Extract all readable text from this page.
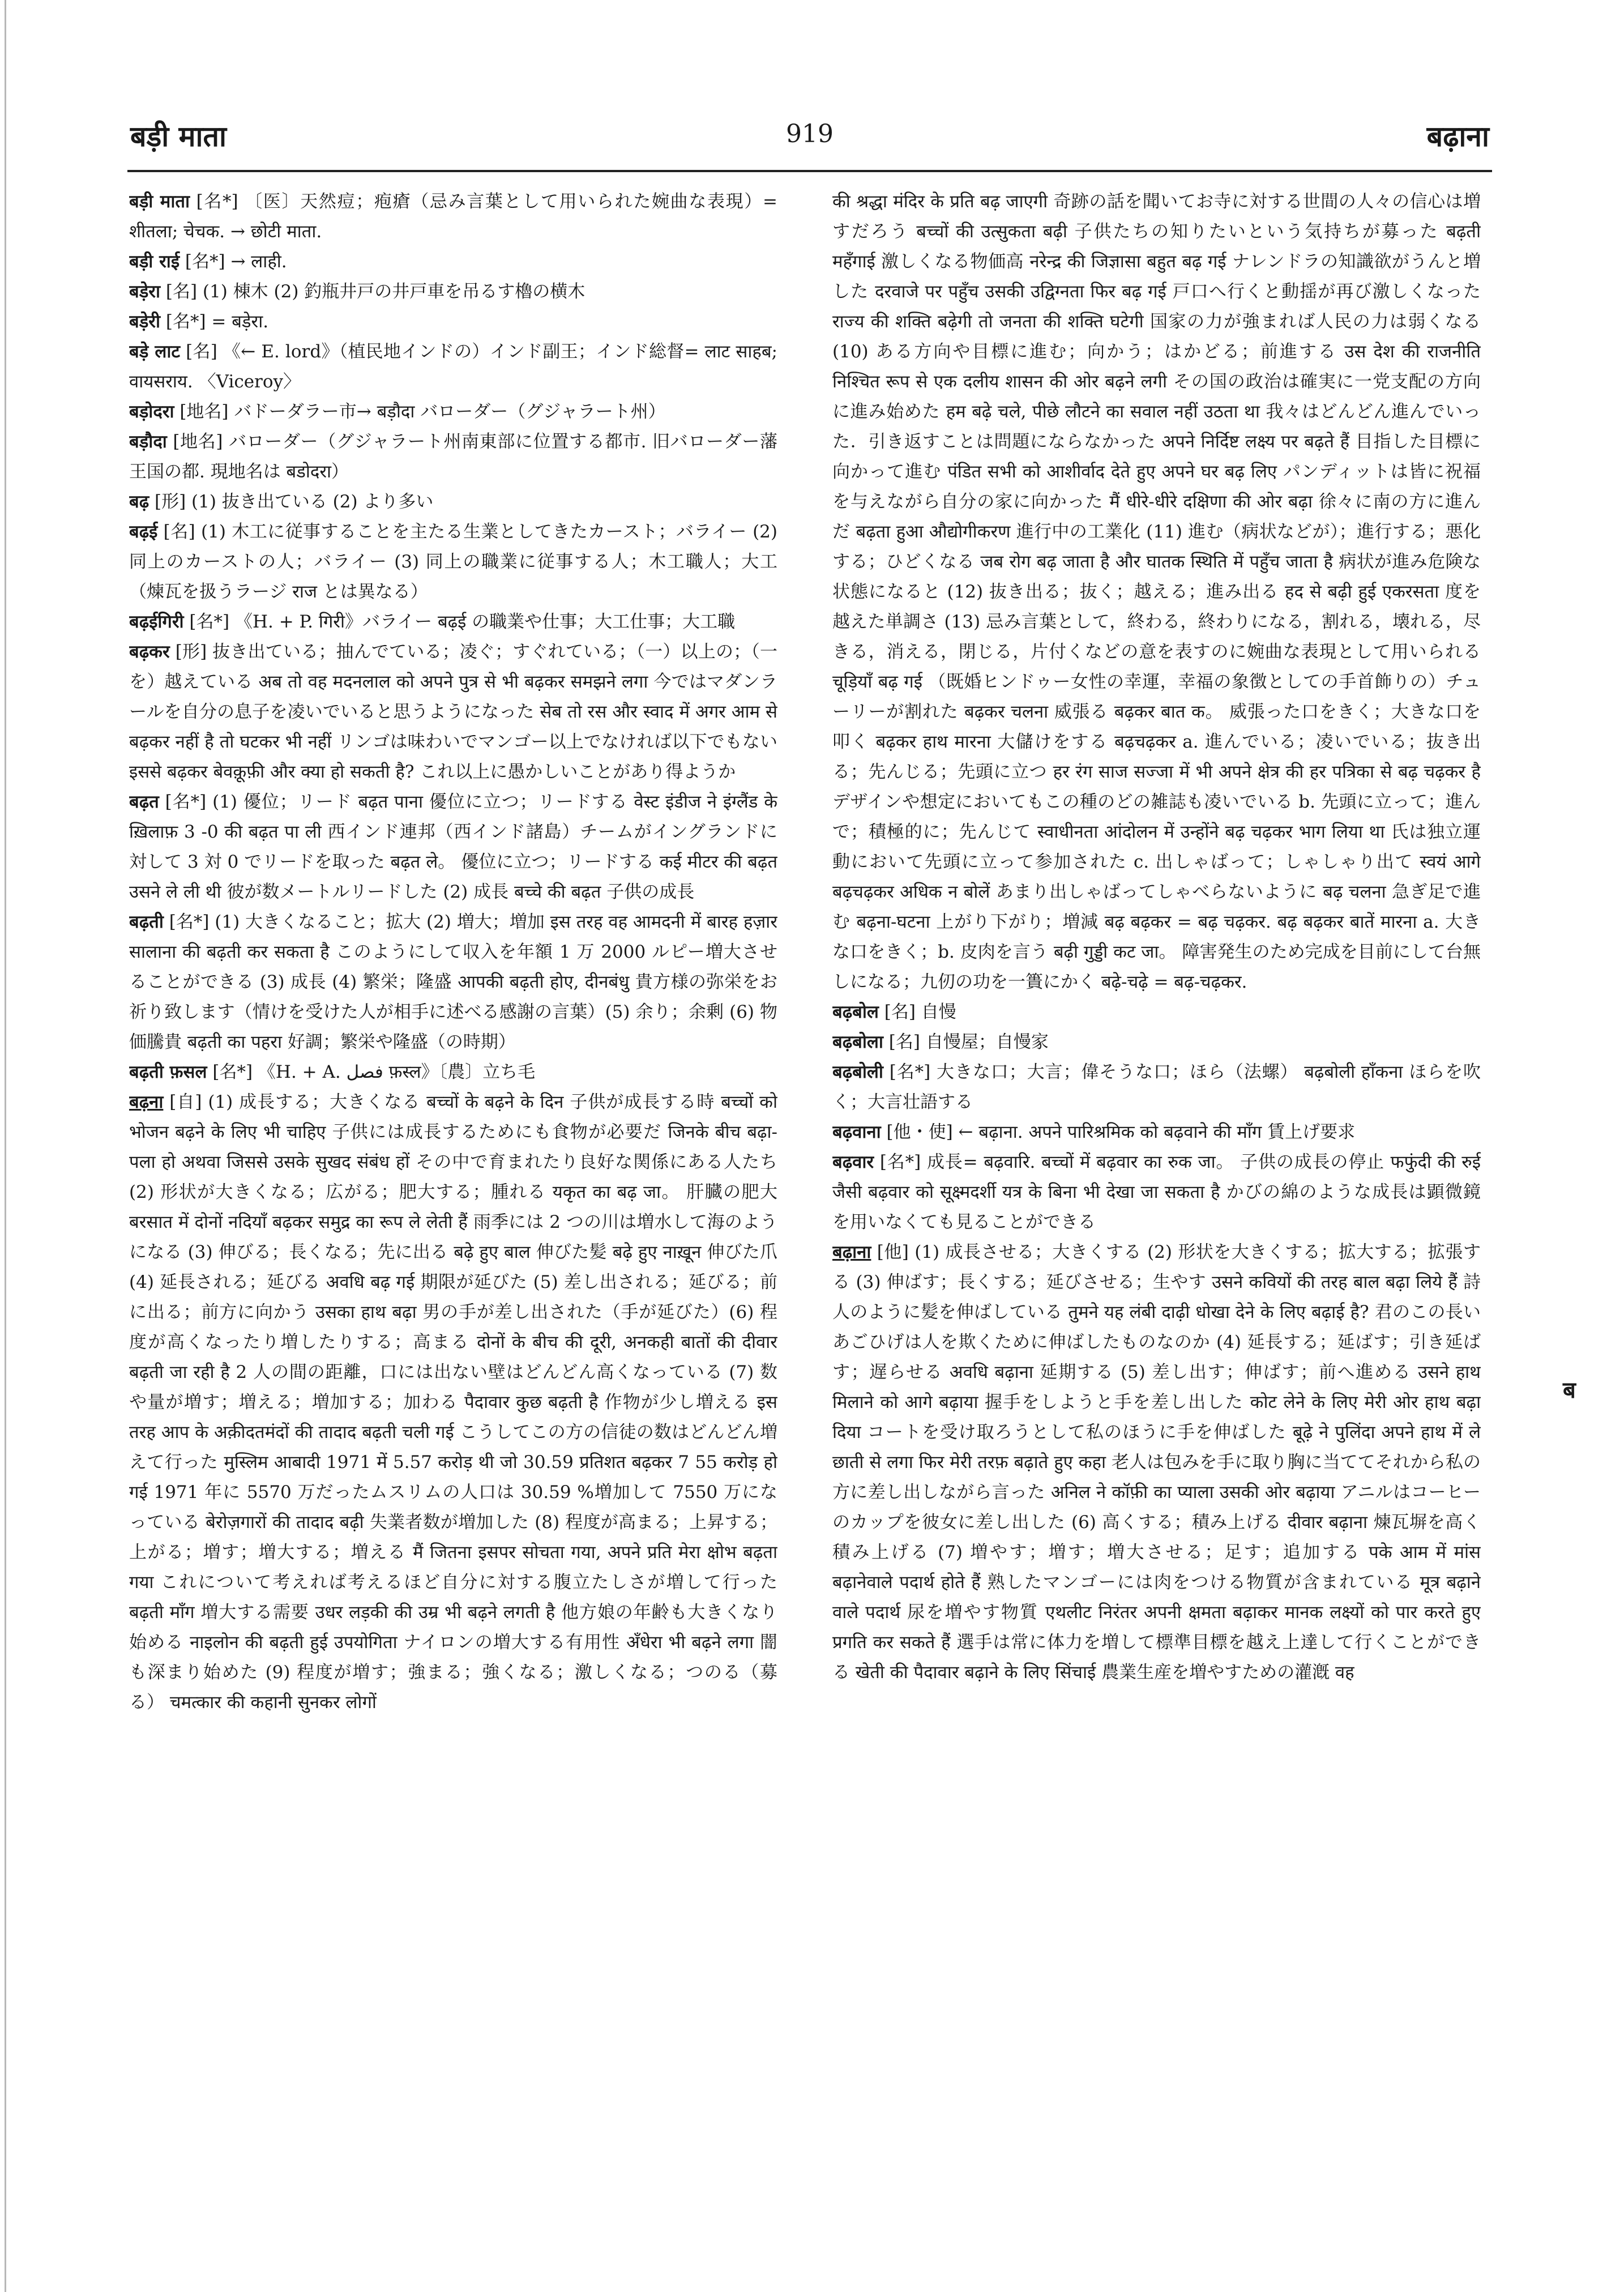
बड़ी माता	919	बढ़ाना

बड़ी माता [名*] 〔医〕天然痘；疱瘡（忌み言葉として用いられた婉曲な表現）= शीतला; चेचक. → छोटी माता.

बड़ी राई [名*] → लाही.

बड़ेरा [名] (1) 棟木 (2) 釣瓶井戸の井戸車を吊るす櫓の横木

बड़ेरी [名*] = बड़ेरा.

बड़े लाट [名] 《← E. lord》（植民地インドの）インド副王；インド総督= लाट साहब; वायसराय. 〈Viceroy〉

बड़ोदरा [地名] バドーダラー市→ बड़ौदा バローダー（グジャラート州）

बड़ौदा [地名] バローダー（グジャラート州南東部に位置する都市. 旧バローダー藩王国の都. 現地名は बडोदरा）

बढ़ [形] (1) 抜き出ている (2) より多い

बढ़ई [名] (1) 木工に従事することを主たる生業としてきたカースト；バライー (2) 同上のカーストの人；バライー (3) 同上の職業に従事する人；木工職人；大工（煉瓦を扱うラージ राज とは異なる）

बढ़ईगिरी [名*] 《H. + P. गिरी》バライー बढ़ई の職業や仕事；大工仕事；大工職

बढ़कर [形] 抜き出ている；抽んでている；凌ぐ；すぐれている；（一）以上の；（一を）越えている अब तो वह मदनलाल को अपने पुत्र से भी बढ़कर समझने लगा 今ではマダンラールを自分の息子を凌いでいると思うようになった सेब तो रस और स्वाद में अगर आम से बढ़कर नहीं है तो घटकर भी नहीं リンゴは味わいでマンゴー以上でなければ以下でもない इससे बढ़कर बेवक़ूफ़ी और क्या हो सकती है? これ以上に愚かしいことがあり得ようか

बढ़त [名*] (1) 優位；リード बढ़त पाना 優位に立つ；リードする वेस्ट इंडीज ने इंग्लैंड के ख़िलाफ़ 3 -0 की बढ़त पा ली 西インド連邦（西インド諸島）チームがイングランドに対して 3 対 0 でリードを取った बढ़त ले。 優位に立つ；リードする कई मीटर की बढ़त उसने ले ली थी 彼が数メートルリードした (2) 成長 बच्चे की बढ़त 子供の成長

बढ़ती [名*] (1) 大きくなること；拡大 (2) 増大；増加 इस तरह वह आमदनी में बारह हज़ार सालाना की बढ़ती कर सकता है このようにして収入を年額 1 万 2000 ルピー増大させることができる (3) 成長 (4) 繁栄；隆盛 आपकी बढ़ती होए, दीनबंधु 貴方様の弥栄をお祈り致します（情けを受けた人が相手に述べる感謝の言葉）(5) 余り；余剰 (6) 物価騰貴 बढ़ती का पहरा 好調；繁栄や隆盛（の時期）

बढ़ती फ़सल [名*] 《H. + A. فصل फ़स्ल》〔農〕立ち毛

बढ़ना [自] (1) 成長する；大きくなる बच्चों के बढ़ने के दिन 子供が成長する時 बच्चों को भोजन बढ़ने के लिए भी चाहिए 子供には成長するためにも食物が必要だ जिनके बीच बढ़ा-पला हो अथवा जिससे उसके सुखद संबंध हों その中で育まれたり良好な関係にある人たち (2) 形状が大きくなる；広がる；肥大する；腫れる यकृत का बढ़ जा。 肝臓の肥大 बरसात में दोनों नदियाँ बढ़कर समुद्र का रूप ले लेती हैं 雨季には 2 つの川は増水して海のようになる (3) 伸びる；長くなる；先に出る बढ़े हुए बाल 伸びた髪 बढ़े हुए नाख़ून 伸びた爪 (4) 延長される；延びる अवधि बढ़ गई 期限が延びた (5) 差し出される；延びる；前に出る；前方に向かう उसका हाथ बढ़ा 男の手が差し出された（手が延びた）(6) 程度が高くなったり増したりする；高まる दोनों के बीच की दूरी, अनकही बातों की दीवार बढ़ती जा रही है 2 人の間の距離，口には出ない壁はどんどん高くなっている (7) 数や量が増す；増える；増加する；加わる पैदावार कुछ बढ़ती है 作物が少し増える इस तरह आप के अक़ीदतमंदों की तादाद बढ़ती चली गई こうしてこの方の信徒の数はどんどん増えて行った मुस्लिम आबादी 1971 में 5.57 करोड़ थी जो 30.59 प्रतिशत बढ़कर 7 55 करोड़ हो गई 1971 年に 5570 万だったムスリムの人口は 30.59 %増加して 7550 万になっている बेरोज़गारों की तादाद बढ़ी 失業者数が増加した (8) 程度が高まる；上昇する；上がる；増す；増大する；増える मैं जितना इसपर सोचता गया, अपने प्रति मेरा क्षोभ बढ़ता गया これについて考えれば考えるほど自分に対する腹立たしさが増して行った बढ़ती माँग 増大する需要 उधर लड़की की उम्र भी बढ़ने लगती है 他方娘の年齢も大きくなり始める नाइलोन की बढ़ती हुई उपयोगिता ナイロンの増大する有用性 अँधेरा भी बढ़ने लगा 闇も深まり始めた (9) 程度が増す；強まる；強くなる；激しくなる；つのる（募る） चमत्कार की कहानी सुनकर लोगों

की श्रद्धा मंदिर के प्रति बढ़ जाएगी 奇跡の話を聞いてお寺に対する世間の人々の信心は増すだろう बच्चों की उत्सुकता बढ़ी 子供たちの知りたいという気持ちが募った बढ़ती महँगाई 激しくなる物価高 नरेन्द्र की जिज्ञासा बहुत बढ़ गई ナレンドラの知識欲がうんと増した दरवाजे पर पहुँच उसकी उद्विग्नता फिर बढ़ गई 戸口へ行くと動揺が再び激しくなった राज्य की शक्ति बढ़ेगी तो जनता की शक्ति घटेगी 国家の力が強まれば人民の力は弱くなる (10) ある方向や目標に進む；向かう；はかどる；前進する उस देश की राजनीति निश्चित रूप से एक दलीय शासन की ओर बढ़ने लगी その国の政治は確実に一党支配の方向に進み始めた हम बढ़े चले, पीछे लौटने का सवाल नहीं उठता था 我々はどんどん進んでいった．引き返すことは問題にならなかった अपने निर्दिष्ट लक्ष्य पर बढ़ते हैं 目指した目標に向かって進む पंडित सभी को आशीर्वाद देते हुए अपने घर बढ़ लिए パンディットは皆に祝福を与えながら自分の家に向かった मैं धीरे-धीरे दक्षिणा की ओर बढ़ा 徐々に南の方に進んだ बढ़ता हुआ औद्योगीकरण 進行中の工業化 (11) 進む（病状などが）；進行する；悪化する；ひどくなる जब रोग बढ़ जाता है और घातक स्थिति में पहुँच जाता है 病状が進み危険な状態になると (12) 抜き出る；抜く；越える；進み出る हद से बढ़ी हुई एकरसता 度を越えた単調さ (13) 忌み言葉として，終わる，終わりになる，割れる，壊れる，尽きる，消える，閉じる，片付くなどの意を表すのに婉曲な表現として用いられる चूड़ियाँ बढ़ गई （既婚ヒンドゥー女性の幸運，幸福の象徴としての手首飾りの）チューリーが割れた बढ़कर चलना 威張る बढ़कर बात क。 威張った口をきく；大きな口を叩く बढ़कर हाथ मारना 大儲けをする बढ़चढ़कर a. 進んでいる；凌いでいる；抜き出る；先んじる；先頭に立つ हर रंग साज सज्जा में भी अपने क्षेत्र की हर पत्रिका से बढ़ चढ़कर है デザインや想定においてもこの種のどの雑誌も凌いでいる b. 先頭に立って；進んで；積極的に；先んじて स्वाधीनता आंदोलन में उन्होंने बढ़ चढ़कर भाग लिया था 氏は独立運動において先頭に立って参加された c. 出しゃばって；しゃしゃり出て स्वयं आगे बढ़चढ़कर अधिक न बोलें あまり出しゃばってしゃべらないように बढ़ चलना 急ぎ足で進む बढ़ना-घटना 上がり下がり；増減 बढ़ बढ़कर = बढ़ चढ़कर. बढ़ बढ़कर बातें मारना a. 大きな口をきく；b. 皮肉を言う बढ़ी गुड्डी कट जा。 障害発生のため完成を目前にして台無しになる；九仞の功を一簣にかく बढ़े-चढ़े = बढ़-चढ़कर.

बढ़बोल [名] 自慢

बढ़बोला [名] 自慢屋；自慢家

बढ़बोली [名*] 大きな口；大言；偉そうな口；ほら（法螺） बढ़बोली हाँकना ほらを吹く；大言壮語する

बढ़वाना [他・使] ← बढ़ाना. अपने पारिश्रमिक को बढ़वाने की माँग 賃上げ要求

बढ़वार [名*] 成長= बढ़वारि. बच्चों में बढ़वार का रुक जा。 子供の成長の停止 फफुंदी की रुई जैसी बढ़वार को सूक्ष्मदर्शी यत्र के बिना भी देखा जा सकता है かびの綿のような成長は顕微鏡を用いなくても見ることができる

बढ़ाना [他] (1) 成長させる；大きくする (2) 形状を大きくする；拡大する；拡張する (3) 伸ばす；長くする；延びさせる；生やす उसने कवियों की तरह बाल बढ़ा लिये हैं 詩人のように髪を伸ばしている तुमने यह लंबी दाढ़ी धोखा देने के लिए बढ़ाई है? 君のこの長いあごひげは人を欺くために伸ばしたものなのか (4) 延長する；延ばす；引き延ばす；遅らせる अवधि बढ़ाना 延期する (5) 差し出す；伸ばす；前へ進める उसने हाथ मिलाने को आगे बढ़ाया 握手をしようと手を差し出した कोट लेने के लिए मेरी ओर हाथ बढ़ा दिया コートを受け取ろうとして私のほうに手を伸ばした बूढ़े ने पुलिंदा अपने हाथ में ले छाती से लगा फिर मेरी तरफ़ बढ़ाते हुए कहा 老人は包みを手に取り胸に当ててそれから私の方に差し出しながら言った अनिल ने कॉफ़ी का प्याला उसकी ओर बढ़ाया アニルはコーヒーのカップを彼女に差し出した (6) 高くする；積み上げる दीवार बढ़ाना 煉瓦塀を高く積み上げる (7) 増やす；増す；増大させる；足す；追加する पके आम में मांस बढ़ानेवाले पदार्थ होते हैं 熟したマンゴーには肉をつける物質が含まれている मूत्र बढ़ाने वाले पदार्थ 尿を増やす物質 एथलीट निरंतर अपनी क्षमता बढ़ाकर मानक लक्ष्यों को पार करते हुए प्रगति कर सकते हैं 選手は常に体力を増して標準目標を越え上達して行くことができる खेती की पैदावार बढ़ाने के लिए सिंचाई 農業生産を増やすための灌漑 वह

ब
